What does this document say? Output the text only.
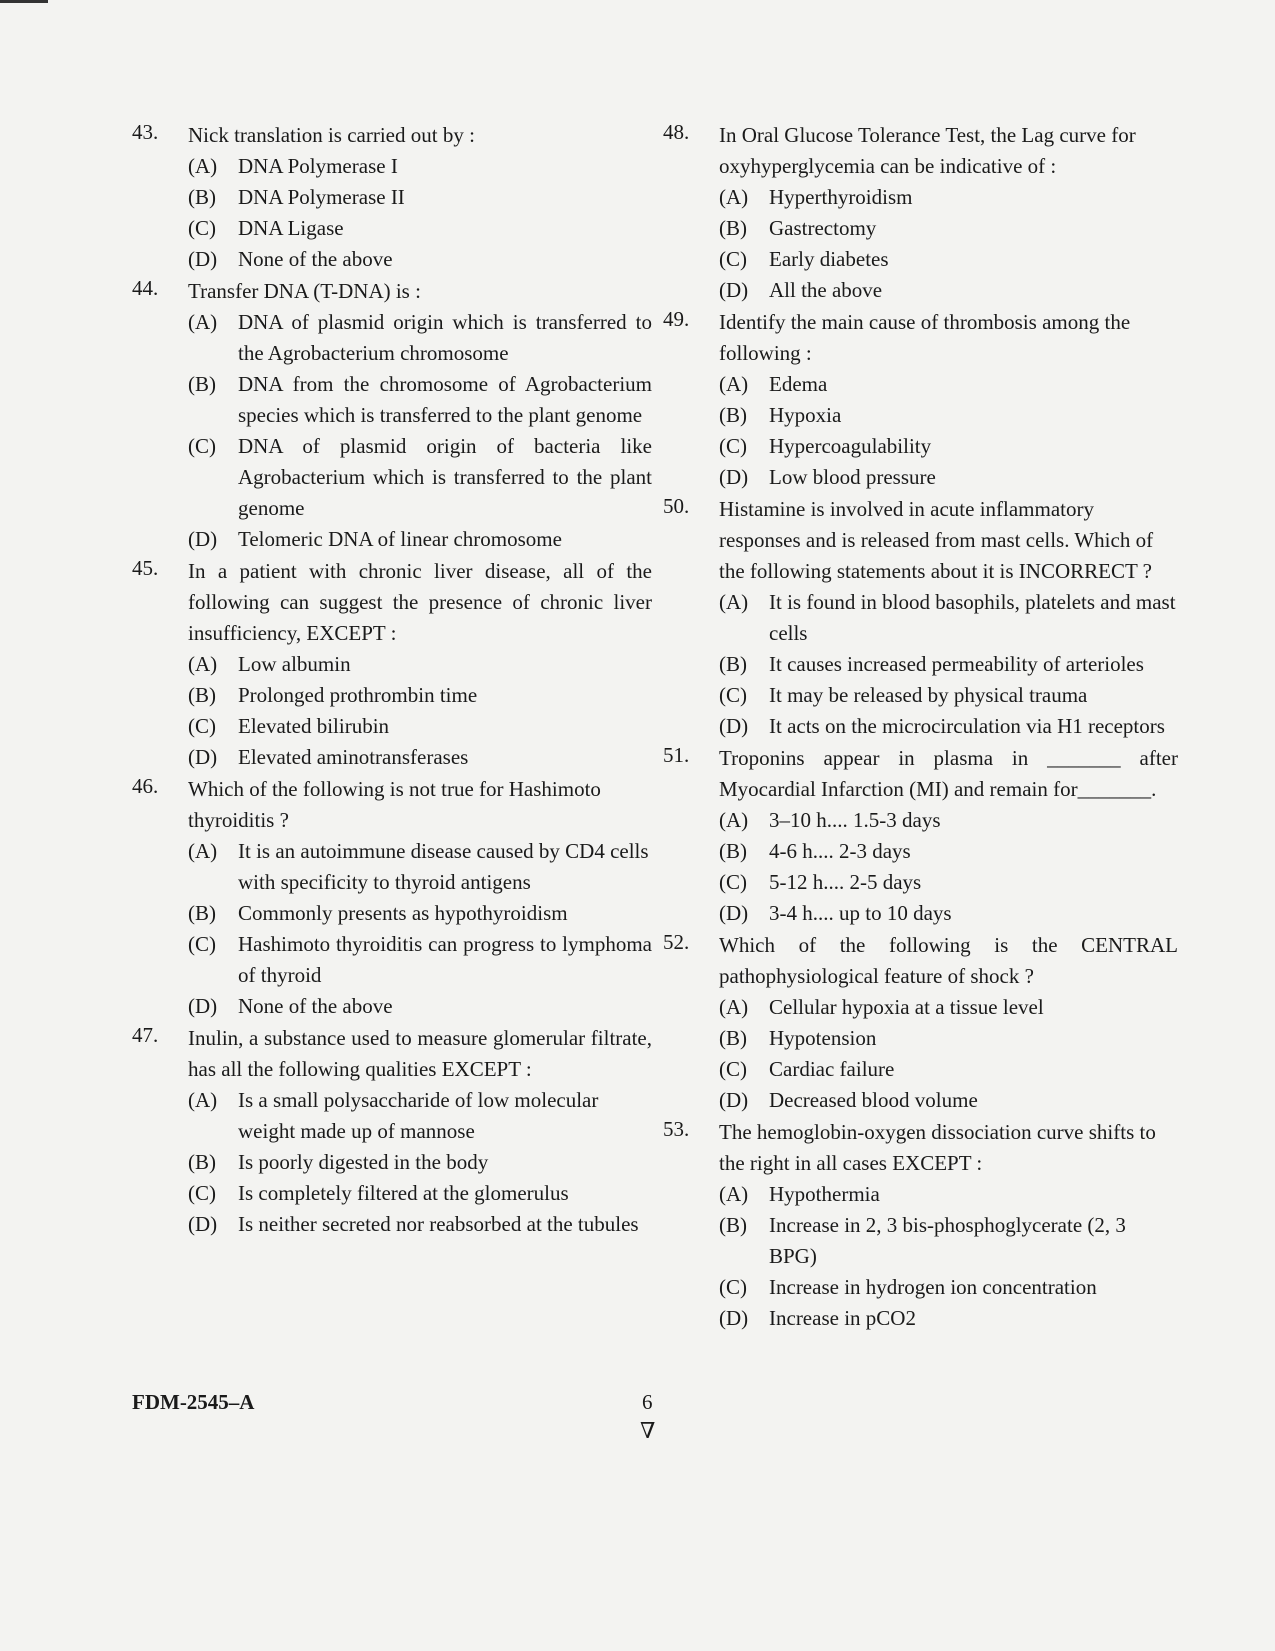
43. Nick translation is carried out by :
(A) DNA Polymerase I
(B) DNA Polymerase II
(C) DNA Ligase
(D) None of the above
44. Transfer DNA (T-DNA) is :
(A) DNA of plasmid origin which is transferred to the Agrobacterium chromosome
(B) DNA from the chromosome of Agrobacterium species which is transferred to the plant genome
(C) DNA of plasmid origin of bacteria like Agrobacterium which is transferred to the plant genome
(D) Telomeric DNA of linear chromosome
45. In a patient with chronic liver disease, all of the following can suggest the presence of chronic liver insufficiency, EXCEPT :
(A) Low albumin
(B) Prolonged prothrombin time
(C) Elevated bilirubin
(D) Elevated aminotransferases
46. Which of the following is not true for Hashimoto thyroiditis ?
(A) It is an autoimmune disease caused by CD4 cells with specificity to thyroid antigens
(B) Commonly presents as hypothyroidism
(C) Hashimoto thyroiditis can progress to lymphoma of thyroid
(D) None of the above
47. Inulin, a substance used to measure glomerular filtrate, has all the following qualities EXCEPT :
(A) Is a small polysaccharide of low molecular weight made up of mannose
(B) Is poorly digested in the body
(C) Is completely filtered at the glomerulus
(D) Is neither secreted nor reabsorbed at the tubules
48. In Oral Glucose Tolerance Test, the Lag curve for oxyhyperglycemia can be indicative of :
(A) Hyperthyroidism
(B) Gastrectomy
(C) Early diabetes
(D) All the above
49. Identify the main cause of thrombosis among the following :
(A) Edema
(B) Hypoxia
(C) Hypercoagulability
(D) Low blood pressure
50. Histamine is involved in acute inflammatory responses and is released from mast cells. Which of the following statements about it is INCORRECT ?
(A) It is found in blood basophils, platelets and mast cells
(B) It causes increased permeability of arterioles
(C) It may be released by physical trauma
(D) It acts on the microcirculation via H1 receptors
51. Troponins appear in plasma in _______ after Myocardial Infarction (MI) and remain for_______.
(A) 3–10 h.... 1.5-3 days
(B) 4-6 h.... 2-3 days
(C) 5-12 h.... 2-5 days
(D) 3-4 h.... up to 10 days
52. Which of the following is the CENTRAL pathophysiological feature of shock ?
(A) Cellular hypoxia at a tissue level
(B) Hypotension
(C) Cardiac failure
(D) Decreased blood volume
53. The hemoglobin-oxygen dissociation curve shifts to the right in all cases EXCEPT :
(A) Hypothermia
(B) Increase in 2, 3 bis-phosphoglycerate (2, 3 BPG)
(C) Increase in hydrogen ion concentration
(D) Increase in pCO2
FDM-2545–A	6
∇
